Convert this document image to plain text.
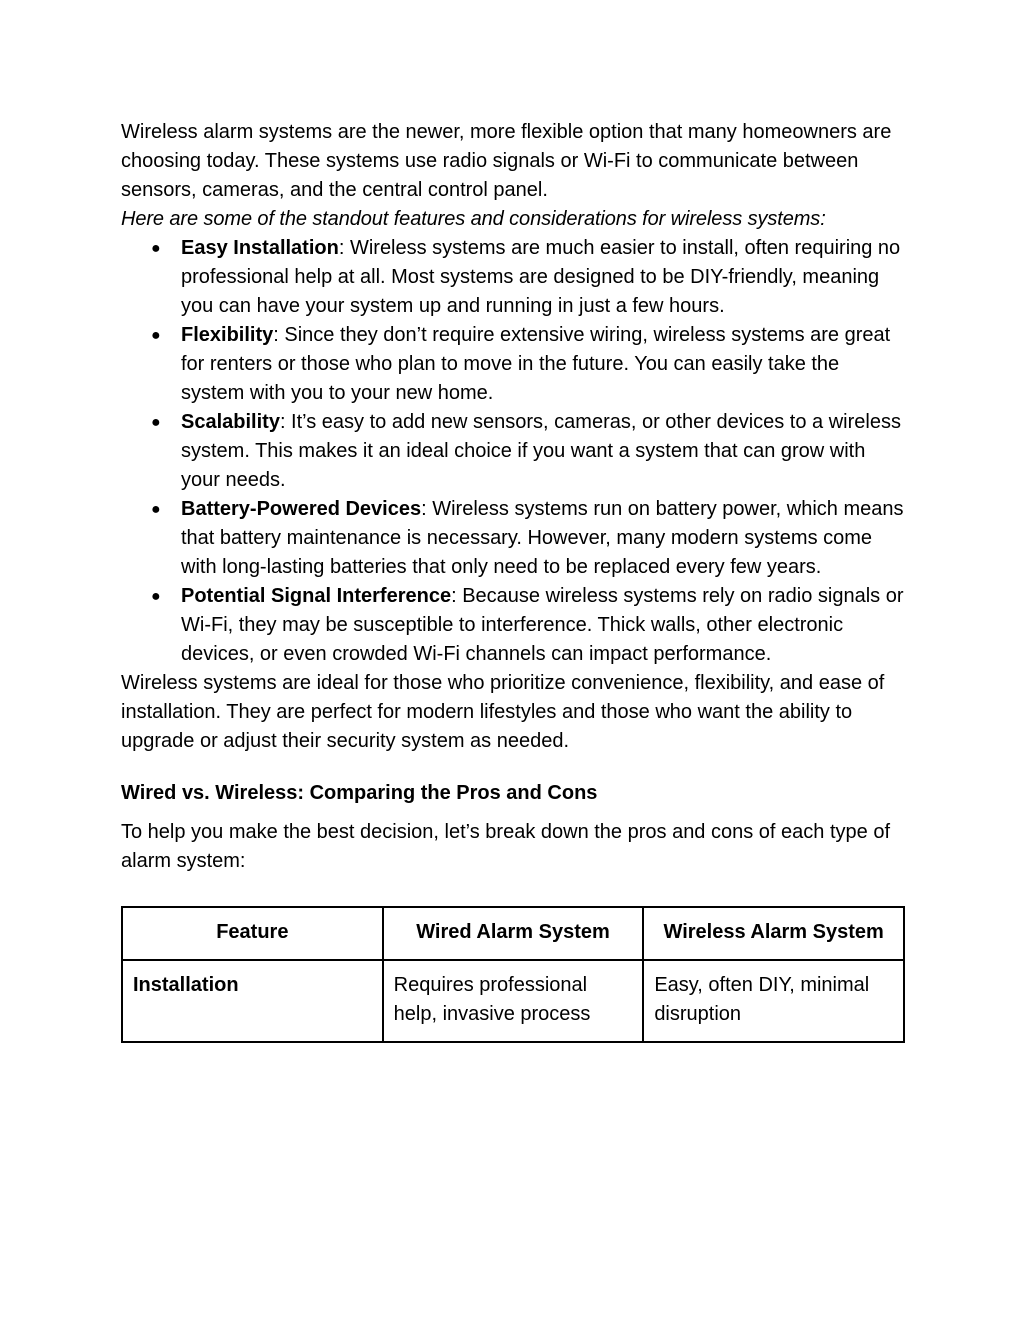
Wireless alarm systems are the newer, more flexible option that many homeowners are choosing today. These systems use radio signals or Wi-Fi to communicate between sensors, cameras, and the central control panel.

Here are some of the standout features and considerations for wireless systems:

● Easy Installation: Wireless systems are much easier to install, often requiring no professional help at all. Most systems are designed to be DIY-friendly, meaning you can have your system up and running in just a few hours.
● Flexibility: Since they don’t require extensive wiring, wireless systems are great for renters or those who plan to move in the future. You can easily take the system with you to your new home.
● Scalability: It’s easy to add new sensors, cameras, or other devices to a wireless system. This makes it an ideal choice if you want a system that can grow with your needs.
● Battery-Powered Devices: Wireless systems run on battery power, which means that battery maintenance is necessary. However, many modern systems come with long-lasting batteries that only need to be replaced every few years.
● Potential Signal Interference: Because wireless systems rely on radio signals or Wi-Fi, they may be susceptible to interference. Thick walls, other electronic devices, or even crowded Wi-Fi channels can impact performance.

Wireless systems are ideal for those who prioritize convenience, flexibility, and ease of installation. They are perfect for modern lifestyles and those who want the ability to upgrade or adjust their security system as needed.

Wired vs. Wireless: Comparing the Pros and Cons

To help you make the best decision, let’s break down the pros and cons of each type of alarm system:

Feature	Wired Alarm System	Wireless Alarm System
Installation	Requires professional help, invasive process	Easy, often DIY, minimal disruption
